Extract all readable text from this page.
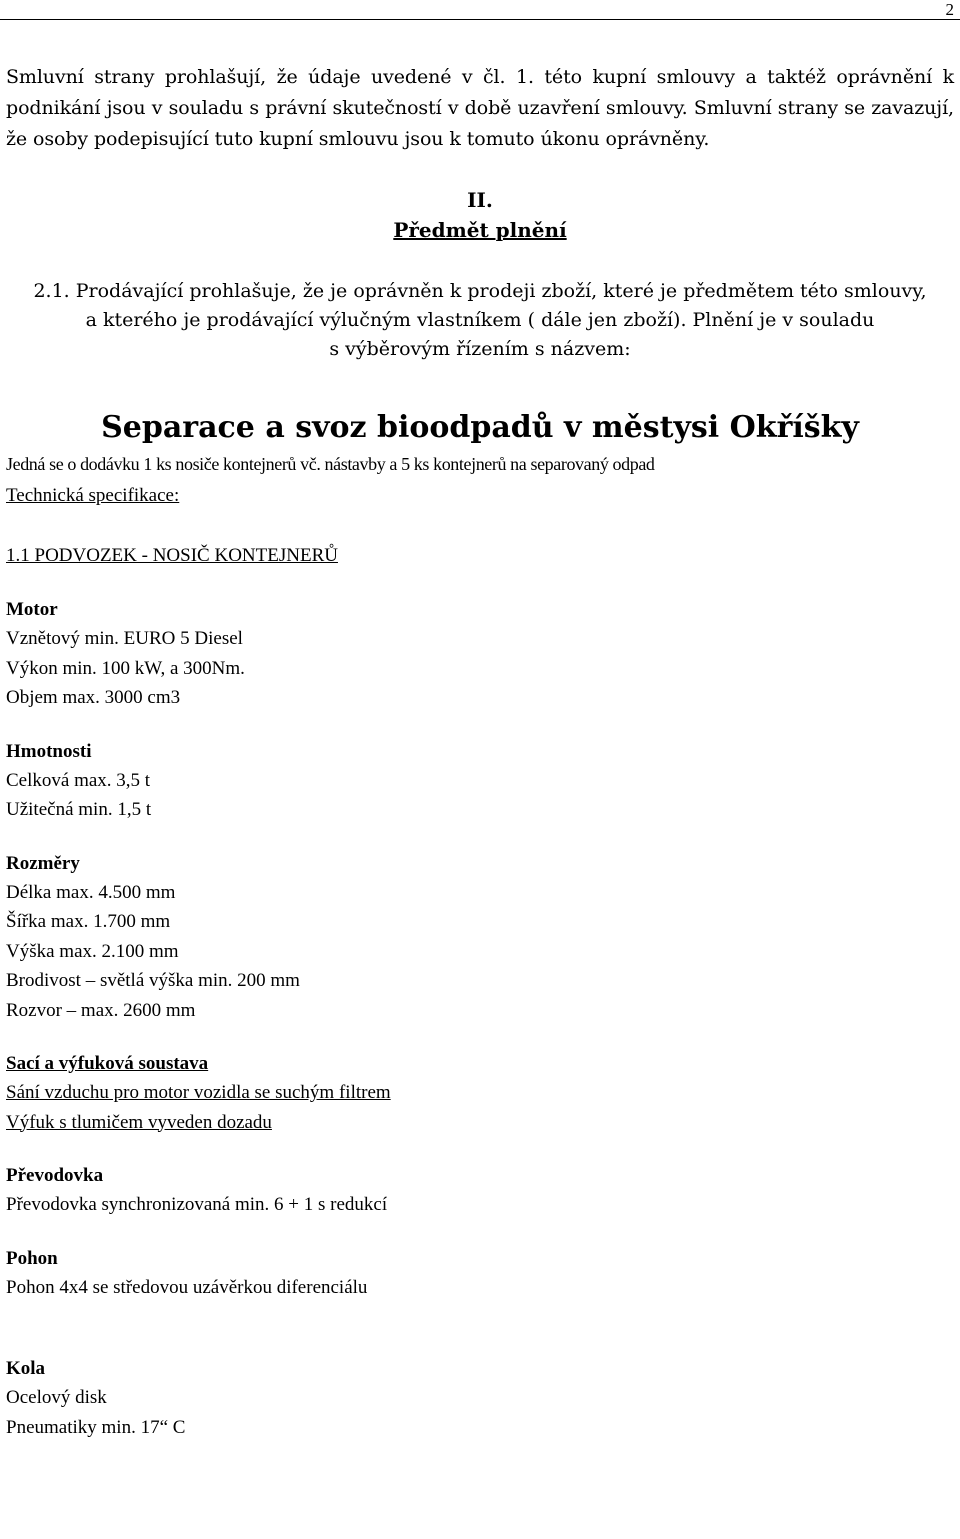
2

Smluvní strany prohlašují, že údaje uvedené v čl. 1. této kupní smlouvy a taktéž oprávnění k podnikání jsou v souladu s právní skutečností v době uzavření smlouvy. Smluvní strany se zavazují, že osoby podepisující tuto kupní smlouvu jsou k tomuto úkonu oprávněny.

II.

Předmět plnění

2.1. Prodávající prohlašuje, že je oprávněn k prodeji zboží, které je předmětem této smlouvy,
a kterého je prodávající výlučným vlastníkem ( dále jen zboží). Plnění je v souladu
s výběrovým řízením s názvem:

Separace a svoz bioodpadů v městysi Okříšky

Jedná se o dodávku 1 ks nosiče kontejnerů vč. nástavby a 5 ks kontejnerů na separovaný odpad

Technická specifikace:

1.1 PODVOZEK - NOSIČ KONTEJNERŮ

Motor

Vznětový min. EURO 5 Diesel

Výkon min. 100 kW, a 300Nm.

Objem max. 3000 cm3

Hmotnosti

Celková max. 3,5 t

Užitečná min. 1,5 t

Rozměry

Délka max. 4.500 mm

Šířka max. 1.700 mm

Výška max. 2.100 mm

Brodivost – světlá výška min. 200 mm

Rozvor – max. 2600 mm

Sací a výfuková soustava

Sání vzduchu pro motor vozidla se suchým filtrem

Výfuk s tlumičem vyveden dozadu

Převodovka

Převodovka synchronizovaná min. 6 + 1 s redukcí

Pohon

Pohon 4x4 se středovou uzávěrkou diferenciálu

Kola

Ocelový disk

Pneumatiky min. 17“ C
